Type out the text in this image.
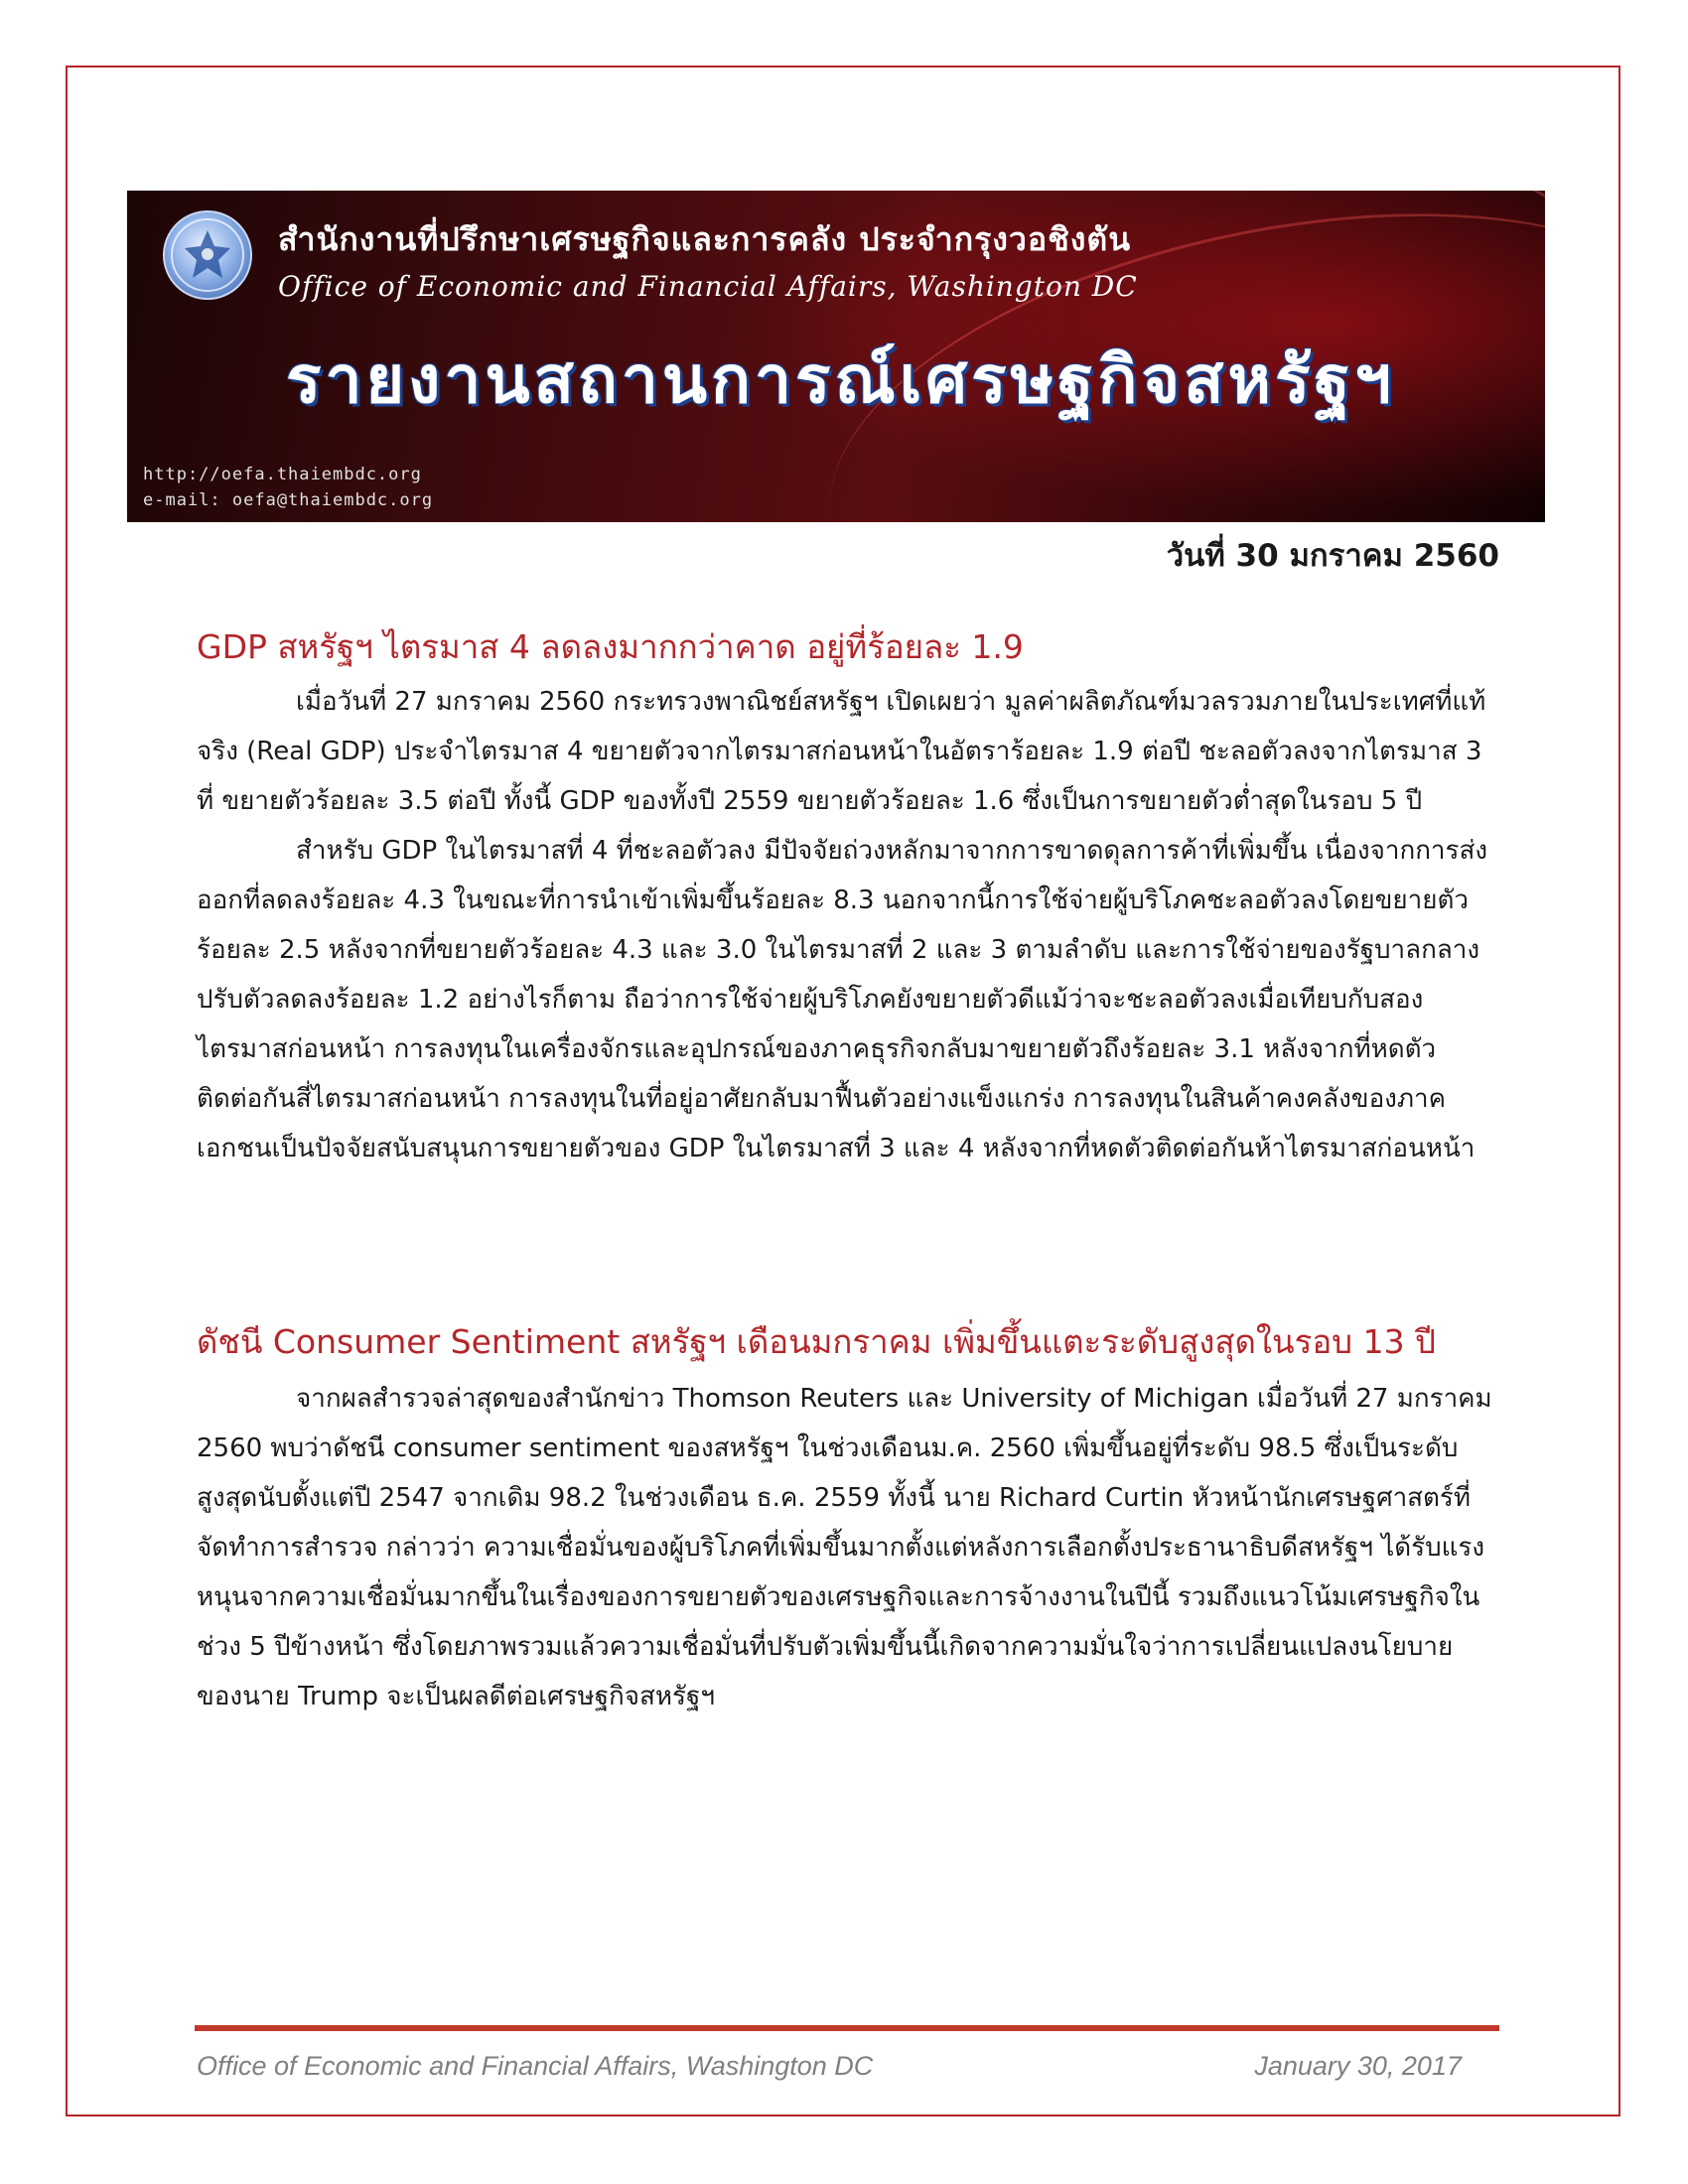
สำนักงานที่ปรึกษาเศรษฐกิจและการคลัง ประจำกรุงวอชิงตัน
Office of Economic and Financial Affairs, Washington DC
รายงานสถานการณ์เศรษฐกิจสหรัฐฯ
http://oefa.thaiembdc.org
e-mail: oefa@thaiembdc.org
วันที่ 30 มกราคม 2560
GDP สหรัฐฯ ไตรมาส 4 ลดลงมากกว่าคาด อยู่ที่ร้อยละ 1.9

เมื่อวันที่ 27 มกราคม 2560 กระทรวงพาณิชย์สหรัฐฯ เปิดเผยว่า มูลค่าผลิตภัณฑ์มวลรวมภายในประเทศที่แท้จริง (Real GDP) ประจำไตรมาส 4 ขยายตัวจากไตรมาสก่อนหน้าในอัตราร้อยละ 1.9 ต่อปี ชะลอตัวลงจากไตรมาส 3 ที่ ขยายตัวร้อยละ 3.5 ต่อปี ทั้งนี้ GDP ของทั้งปี 2559 ขยายตัวร้อยละ 1.6 ซึ่งเป็นการขยายตัวต่ำสุดในรอบ 5 ปี

สำหรับ GDP ในไตรมาสที่ 4 ที่ชะลอตัวลง มีปัจจัยถ่วงหลักมาจากการขาดดุลการค้าที่เพิ่มขึ้น เนื่องจากการส่งออกที่ลดลงร้อยละ 4.3 ในขณะที่การนำเข้าเพิ่มขึ้นร้อยละ 8.3 นอกจากนี้การใช้จ่ายผู้บริโภคชะลอตัวลงโดยขยายตัวร้อยละ 2.5 หลังจากที่ขยายตัวร้อยละ 4.3 และ 3.0 ในไตรมาสที่ 2 และ 3 ตามลำดับ และการใช้จ่ายของรัฐบาลกลางปรับตัวลดลงร้อยละ 1.2 อย่างไรก็ตาม ถือว่าการใช้จ่ายผู้บริโภคยังขยายตัวดีแม้ว่าจะชะลอตัวลงเมื่อเทียบกับสองไตรมาสก่อนหน้า การลงทุนในเครื่องจักรและอุปกรณ์ของภาคธุรกิจกลับมาขยายตัวถึงร้อยละ 3.1 หลังจากที่หดตัวติดต่อกันสี่ไตรมาสก่อนหน้า การลงทุนในที่อยู่อาศัยกลับมาฟื้นตัวอย่างแข็งแกร่ง การลงทุนในสินค้าคงคลังของภาคเอกชนเป็นปัจจัยสนับสนุนการขยายตัวของ GDP ในไตรมาสที่ 3 และ 4 หลังจากที่หดตัวติดต่อกันห้าไตรมาสก่อนหน้า

ดัชนี Consumer Sentiment สหรัฐฯ เดือนมกราคม เพิ่มขึ้นแตะระดับสูงสุดในรอบ 13 ปี

จากผลสำรวจล่าสุดของสำนักข่าว Thomson Reuters และ University of Michigan เมื่อวันที่ 27 มกราคม 2560 พบว่าดัชนี consumer sentiment ของสหรัฐฯ ในช่วงเดือนม.ค. 2560 เพิ่มขึ้นอยู่ที่ระดับ 98.5 ซึ่งเป็นระดับสูงสุดนับตั้งแต่ปี 2547 จากเดิม 98.2 ในช่วงเดือน ธ.ค. 2559 ทั้งนี้ นาย Richard Curtin หัวหน้านักเศรษฐศาสตร์ที่จัดทำการสำรวจ กล่าวว่า ความเชื่อมั่นของผู้บริโภคที่เพิ่มขึ้นมากตั้งแต่หลังการเลือกตั้งประธานาธิบดีสหรัฐฯ ได้รับแรงหนุนจากความเชื่อมั่นมากขึ้นในเรื่องของการขยายตัวของเศรษฐกิจและการจ้างงานในปีนี้ รวมถึงแนวโน้มเศรษฐกิจในช่วง 5 ปีข้างหน้า ซึ่งโดยภาพรวมแล้วความเชื่อมั่นที่ปรับตัวเพิ่มขึ้นนี้เกิดจากความมั่นใจว่าการเปลี่ยนแปลงนโยบายของนาย Trump จะเป็นผลดีต่อเศรษฐกิจสหรัฐฯ

Office of Economic and Financial Affairs, Washington DC	January 30, 2017
